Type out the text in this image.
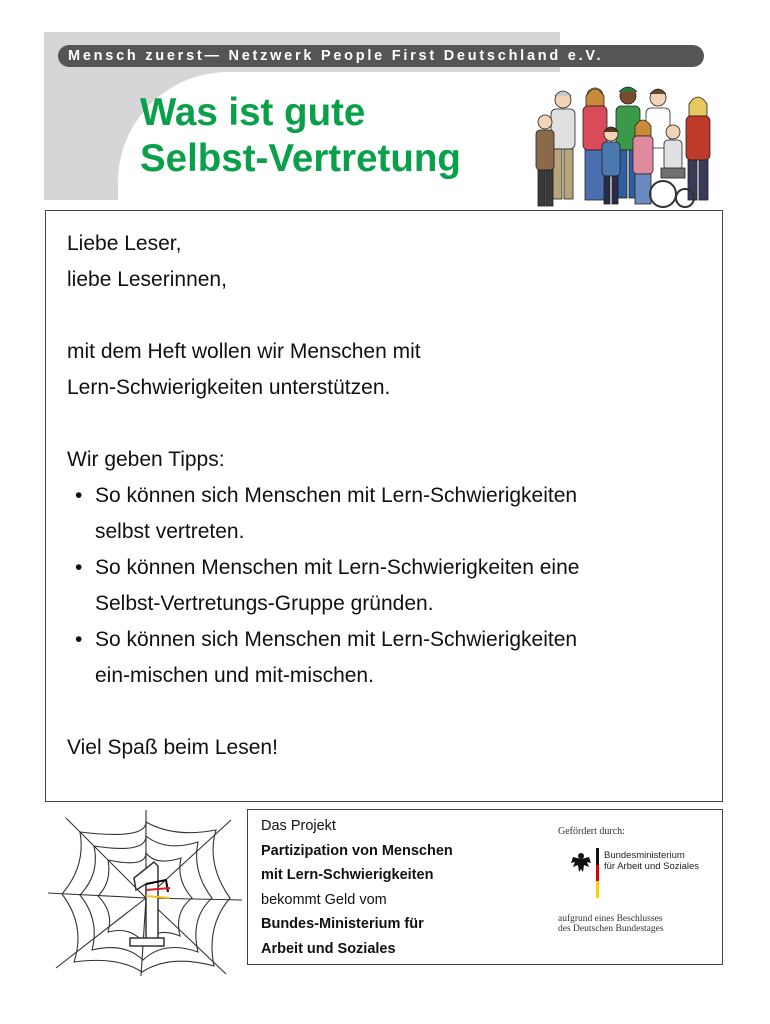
Mensch zuerst— Netzwerk People First Deutschland e.V.
Was ist gute
Selbst-Vertretung

Liebe Leser,

liebe Leserinnen,

mit dem Heft wollen wir Menschen mit

Lern-Schwierigkeiten unterstützen.

Wir geben Tipps:

• So können sich Menschen mit Lern-Schwierigkeiten
selbst vertreten.
• So können Menschen mit Lern-Schwierigkeiten eine
Selbst-Vertretungs-Gruppe gründen.
• So können sich Menschen mit Lern-Schwierigkeiten
ein-mischen und mit-mischen.

Viel Spaß beim Lesen!

Das Projekt
Partizipation von Menschen
mit Lern-Schwierigkeiten
bekommt Geld vom
Bundes-Ministerium für
Arbeit und Soziales
Gefördert durch:
Bundesministerium
für Arbeit und Soziales
aufgrund eines Beschlusses
des Deutschen Bundestages
